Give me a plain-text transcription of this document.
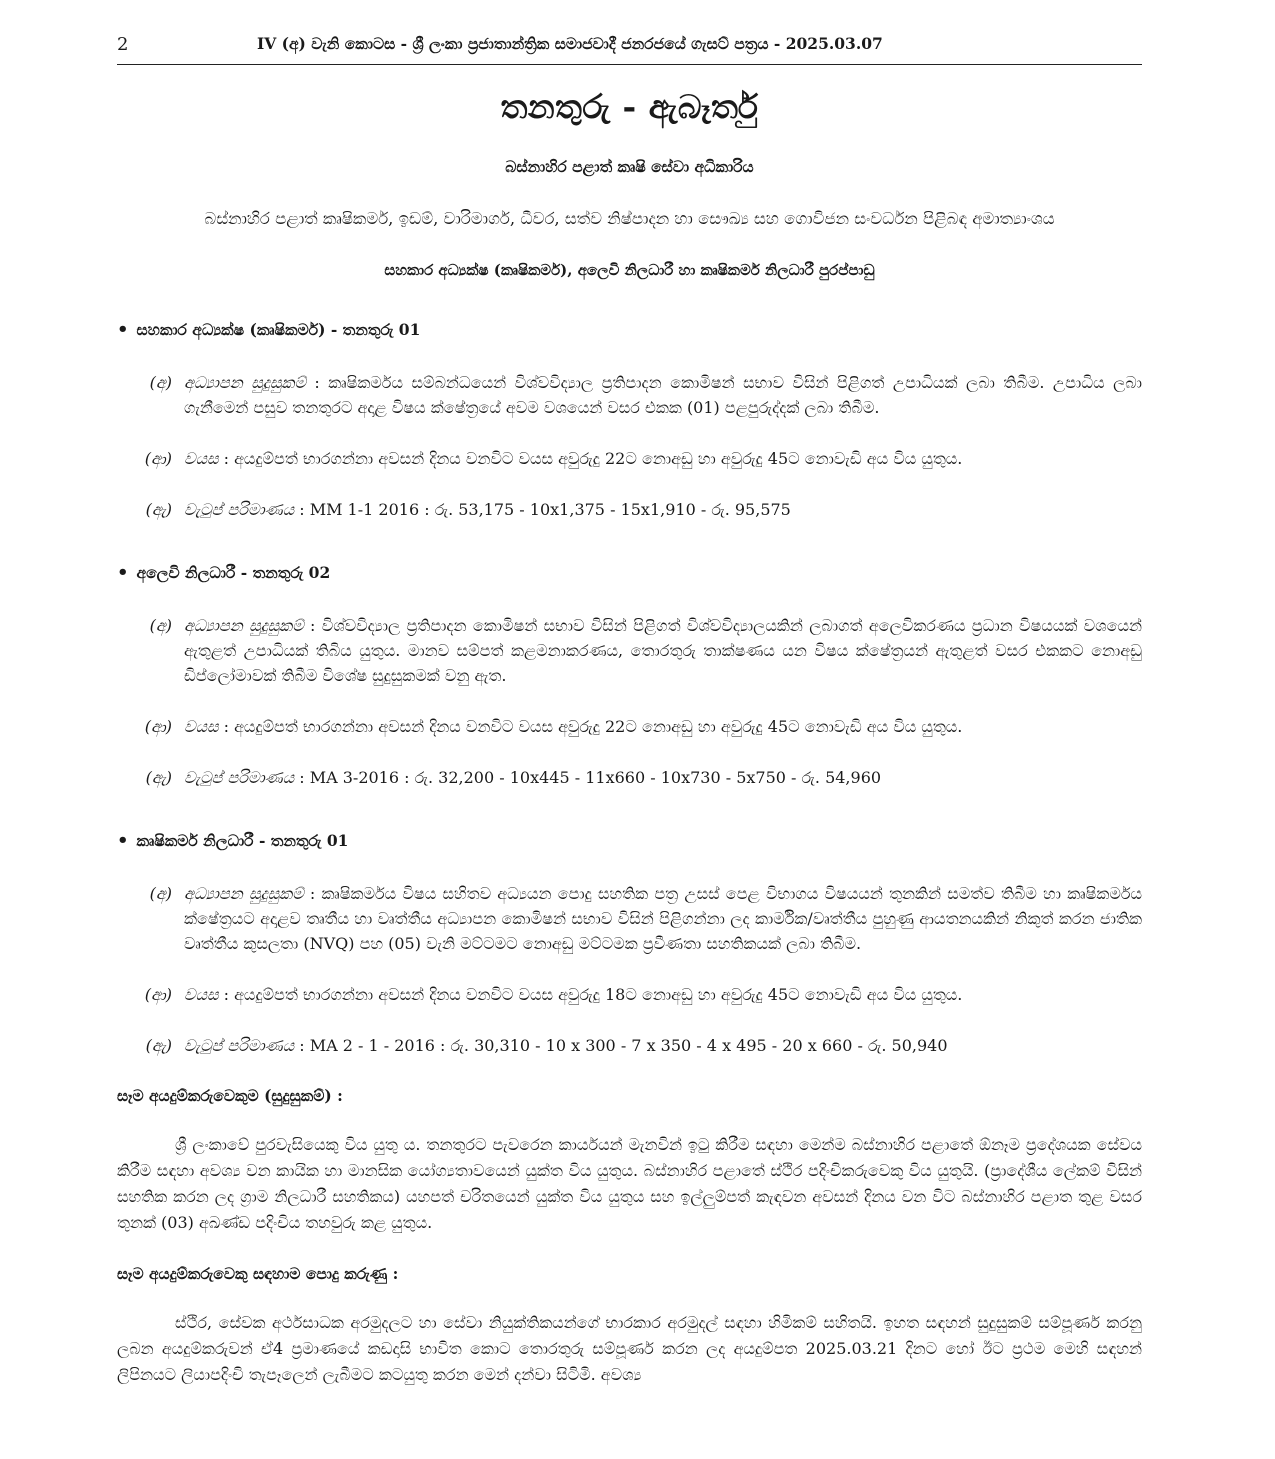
2	IV (අ) වැනි කොටස - ශ්‍රී ලංකා ප්‍රජාතාන්ත්‍රික සමාජවාදී ජනරජයේ ගැසට් පත්‍රය - 2025.03.07
තනතුරු - ඇබෑර්තු
බස්නාහිර පළාත් කෘෂි සේවා අධිකාරිය
බස්නාහිර පළාත් කෘෂිකර්ම, ඉඩම්, වාරිමාර්ග, ධීවර, සත්ව නිෂ්පාදන හා සෞඛ්‍ය සහ ගොවිජන සංවර්ධන පිළිබඳ අමාත්‍යාංශය
සහකාර අධ්‍යක්ෂ (කෘෂිකර්ම), අලෙවි නිලධාරී හා කෘෂිකර්ම නිලධාරී පුරප්පාඩු
• සහකාර අධ්‍යක්ෂ (කෘෂිකර්ම) - තනතුරු 01
(අ) අධ්‍යාපන සුදුසුකම් : කෘෂිකර්මය සම්බන්ධයෙන් විශ්වවිද්‍යාල ප්‍රතිපාදන කොමිෂන් සභාව විසින් පිළිගත් උපාධියක් ලබා තිබීම. උපාධිය ලබා ගැනීමෙන් පසුව තනතුරට අදාළ විෂය ක්ෂේත්‍රයේ අවම වශයෙන් වසර එකක (01) පළපුරුද්දක් ලබා තිබීම.
(ආ) වයස : අයදුම්පත් භාරගන්නා අවසන් දිනය වනවිට වයස අවුරුදු 22ට නොඅඩු හා අවුරුදු 45ට නොවැඩි අය විය යුතුය.
(ඇ) වැටුප් පරිමාණය : MM 1-1 2016 : රු. 53,175 - 10x1,375 - 15x1,910 - රු. 95,575
• අලෙවි නිලධාරී - තනතුරු 02
(අ) අධ්‍යාපන සුදුසුකම් : විශ්වවිද්‍යාල ප්‍රතිපාදන කොමිෂන් සභාව විසින් පිළිගත් විශ්වවිද්‍යාලයකින් ලබාගත් අලෙවිකරණය ප්‍රධාන විෂයයක් වශයෙන් ඇතුළත් උපාධියක් තිබිය යුතුය. මානව සම්පත් කළමනාකරණය, තොරතුරු තාක්ෂණය යන විෂය ක්ෂේත්‍රයන් ඇතුළත් වසර එකකට නොඅඩු ඩිප්ලෝමාවක් තිබීම විශේෂ සුදුසුකමක් වනු ඇත.
(ආ) වයස : අයදුම්පත් භාරගන්නා අවසන් දිනය වනවිට වයස අවුරුදු 22ට නොඅඩු හා අවුරුදු 45ට නොවැඩි අය විය යුතුය.
(ඇ) වැටුප් පරිමාණය : MA 3-2016 : රු. 32,200 - 10x445 - 11x660 - 10x730 - 5x750 - රු. 54,960
• කෘෂිකර්ම නිලධාරී - තනතුරු 01
(අ) අධ්‍යාපන සුදුසුකම් : කෘෂිකර්මය විෂය සහිතව අධ්‍යයන පොදු සහතික පත්‍ර උසස් පෙළ විභාගය විෂයයන් තුනකින් සමත්ව තිබීම හා කෘෂිකර්මය ක්ෂේත්‍රයට අදාළව තෘතීය හා වෘත්තීය අධ්‍යාපන කොමිෂන් සභාව විසින් පිළිගන්නා ලද කාර්මික/වෘත්තීය පුහුණු ආයතනයකින් නිකුත් කරන ජාතික වෘත්තීය කුසලතා (NVQ) පහ (05) වැනි මට්ටමට නොඅඩු මට්ටමක ප්‍රවීණතා සහතිකයක් ලබා තිබීම.
(ආ) වයස : අයදුම්පත් භාරගන්නා අවසන් දිනය වනවිට වයස අවුරුදු 18ට නොඅඩු හා අවුරුදු 45ට නොවැඩි අය විය යුතුය.
(ඇ) වැටුප් පරිමාණය : MA 2 - 1 - 2016 : රු. 30,310 - 10 x 300 - 7 x 350 - 4 x 495 - 20 x 660 - රු. 50,940
සෑම අයදුම්කරුවෙකුම (සුදුසුකම්) :
ශ්‍රී ලංකාවේ පුරවැසියෙකු විය යුතු ය. තනතුරට පැවරෙන කාර්යයන් මැනවින් ඉටු කිරීම සඳහා මෙන්ම බස්නාහිර පළාතේ ඕනෑම ප්‍රදේශයක සේවය කිරීම සඳහා අවශ්‍ය වන කායික හා මානසික යෝග්‍යතාවයෙන් යුක්ත විය යුතුය. බස්නාහිර පළාතේ ස්ථිර පදිංචිකරුවෙකු විය යුතුයි. (ප්‍රාදේශීය ලේකම් විසින් සහතික කරන ලද ග්‍රාම නිලධාරී සහතිකය) යහපත් චරිතයෙන් යුක්ත විය යුතුය සහ ඉල්ලුම්පත් කැඳවන අවසන් දිනය වන විට බස්නාහිර පළාත තුළ වසර තුනක් (03) අඛණ්ඩ පදිංචිය තහවුරු කළ යුතුය.
සෑම අයදුම්කරුවෙකු සඳහාම පොදු කරුණු :
ස්ථිර, සේවක අර්ථසාධක අරමුදලට හා සේවා නියුක්තිකයන්ගේ භාරකාර අරමුදල් සඳහා හිමිකම් සහිතයි. ඉහත සඳහන් සුදුසුකම් සම්පූර්ණ කරනු ලබන අයදුම්කරුවන් ඒ4 ප්‍රමාණයේ කඩදාසි භාවිත කොට තොරතුරු සම්පූර්ණ කරන ලද අයදුම්පත 2025.03.21 දිනට හෝ ඊට ප්‍රථම මෙහි සඳහන් ලිපිනයට ලියාපදිංචි තැපෑලෙන් ලැබීමට කටයුතු කරන මෙන් දන්වා සිටිමි. අවශ්‍ය
